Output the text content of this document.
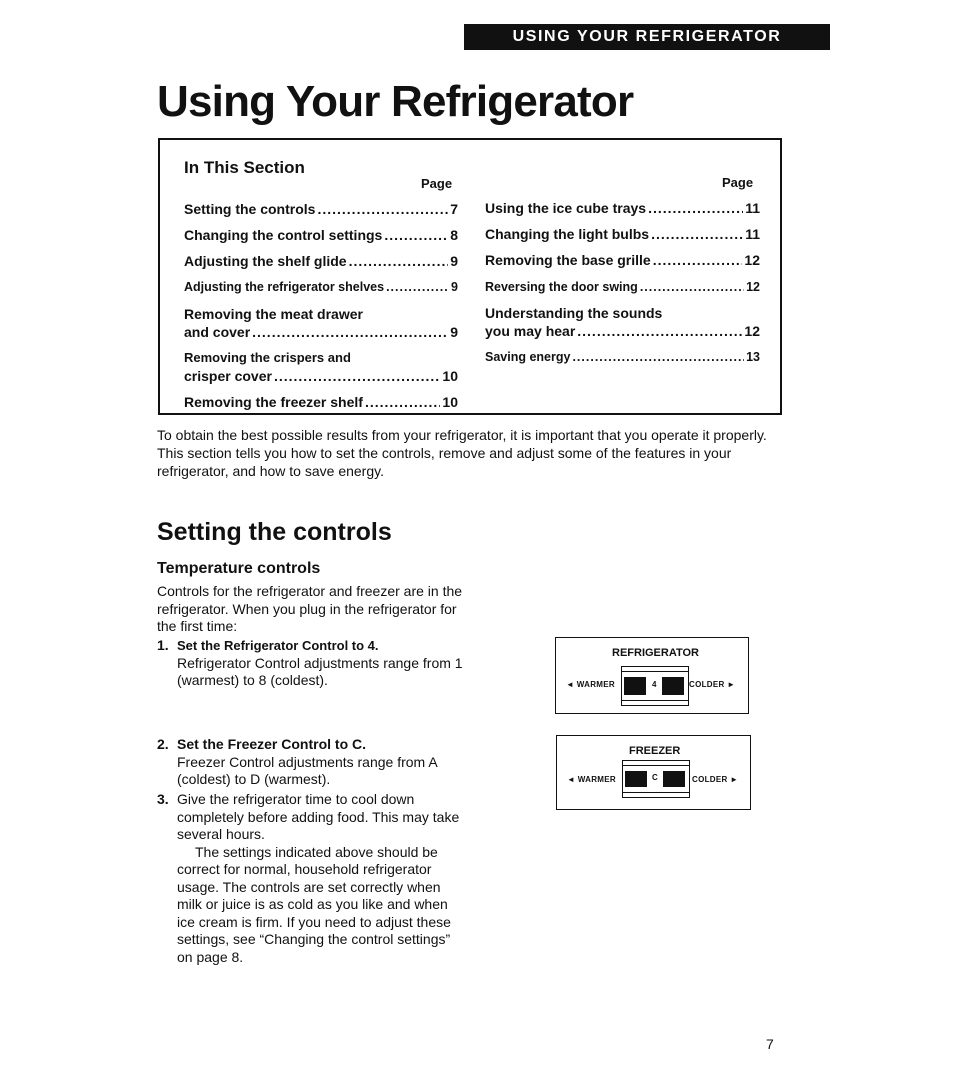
USING YOUR REFRIGERATOR
Using Your Refrigerator
In This Section
Page	Page
Setting the controls .....	7
Changing the control settings .....	8
Adjusting the shelf glide .....	9
Adjusting the refrigerator shelves .....	9
Removing the meat drawer
and cover .....	9
Removing the crispers and
crisper cover .....	10
Removing the freezer shelf .....	10
Using the ice cube trays .....	11
Changing the light bulbs .....	11
Removing the base grille .....	12
Reversing the door swing .....	12
Understanding the sounds
you may hear .....	12
Saving energy .....	13

To obtain the best possible results from your refrigerator, it is important that you operate it properly. This section tells you how to set the controls, remove and adjust some of the features in your refrigerator, and how to save energy.

Setting the controls
Temperature controls

Controls for the refrigerator and freezer are in the refrigerator. When you plug in the refrigerator for the first time:

1. Set the Refrigerator Control to 4.
Refrigerator Control adjustments range from 1 (warmest) to 8 (coldest).
2. Set the Freezer Control to C.
Freezer Control adjustments range from A (coldest) to D (warmest).
3. Give the refrigerator time to cool down completely before adding food. This may take several hours.
The settings indicated above should be correct for normal, household refrigerator usage. The controls are set correctly when milk or juice is as cold as you like and when ice cream is firm. If you need to adjust these settings, see “Changing the control settings” on page 8.
REFRIGERATOR
◄ WARMER	4	COLDER ►
FREEZER
◄ WARMER	C	COLDER ►
7
